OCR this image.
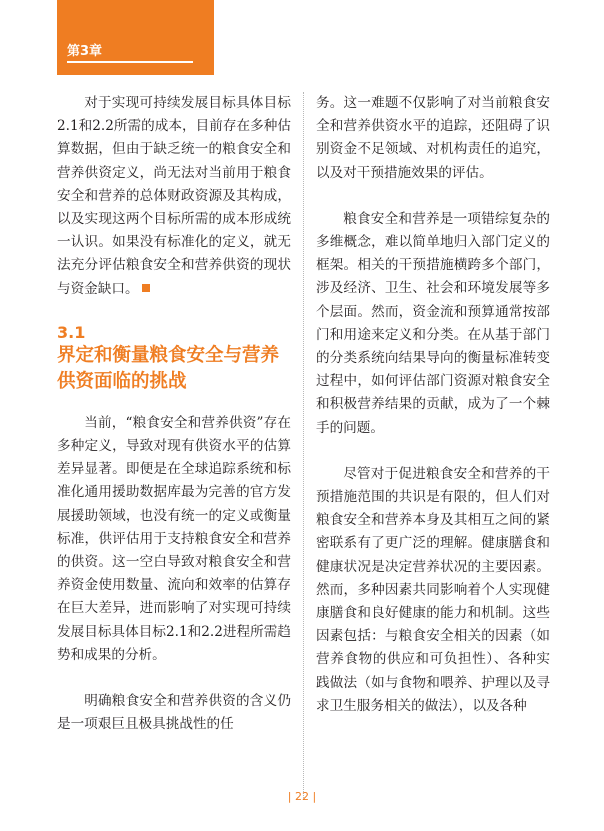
第3章

对于实现可持续发展目标具体目标2.1和2.2所需的成本，目前存在多种估算数据，但由于缺乏统一的粮食安全和营养供资定义，尚无法对当前用于粮食安全和营养的总体财政资源及其构成，以及实现这两个目标所需的成本形成统一认识。如果没有标准化的定义，就无法充分评估粮食安全和营养供资的现状与资金缺口。

3.1
界定和衡量粮食安全与营养供资面临的挑战

当前，“粮食安全和营养供资”存在多种定义，导致对现有供资水平的估算差异显著。即便是在全球追踪系统和标准化通用援助数据库最为完善的官方发展援助领域，也没有统一的定义或衡量标准，供评估用于支持粮食安全和营养的供资。这一空白导致对粮食安全和营养资金使用数量、流向和效率的估算存在巨大差异，进而影响了对实现可持续发展目标具体目标2.1和2.2进程所需趋势和成果的分析。

明确粮食安全和营养供资的含义仍是一项艰巨且极具挑战性的任

务。这一难题不仅影响了对当前粮食安全和营养供资水平的追踪，还阻碍了识别资金不足领域、对机构责任的追究，以及对干预措施效果的评估。

粮食安全和营养是一项错综复杂的多维概念，难以简单地归入部门定义的框架。相关的干预措施横跨多个部门，涉及经济、卫生、社会和环境发展等多个层面。然而，资金流和预算通常按部门和用途来定义和分类。在从基于部门的分类系统向结果导向的衡量标准转变过程中，如何评估部门资源对粮食安全和积极营养结果的贡献，成为了一个棘手的问题。

尽管对于促进粮食安全和营养的干预措施范围的共识是有限的，但人们对粮食安全和营养本身及其相互之间的紧密联系有了更广泛的理解。健康膳食和健康状况是决定营养状况的主要因素。然而，多种因素共同影响着个人实现健康膳食和良好健康的能力和机制。这些因素包括：与粮食安全相关的因素（如营养食物的供应和可负担性）、各种实践做法（如与食物和喂养、护理以及寻求卫生服务相关的做法），以及各种

| 22 |
